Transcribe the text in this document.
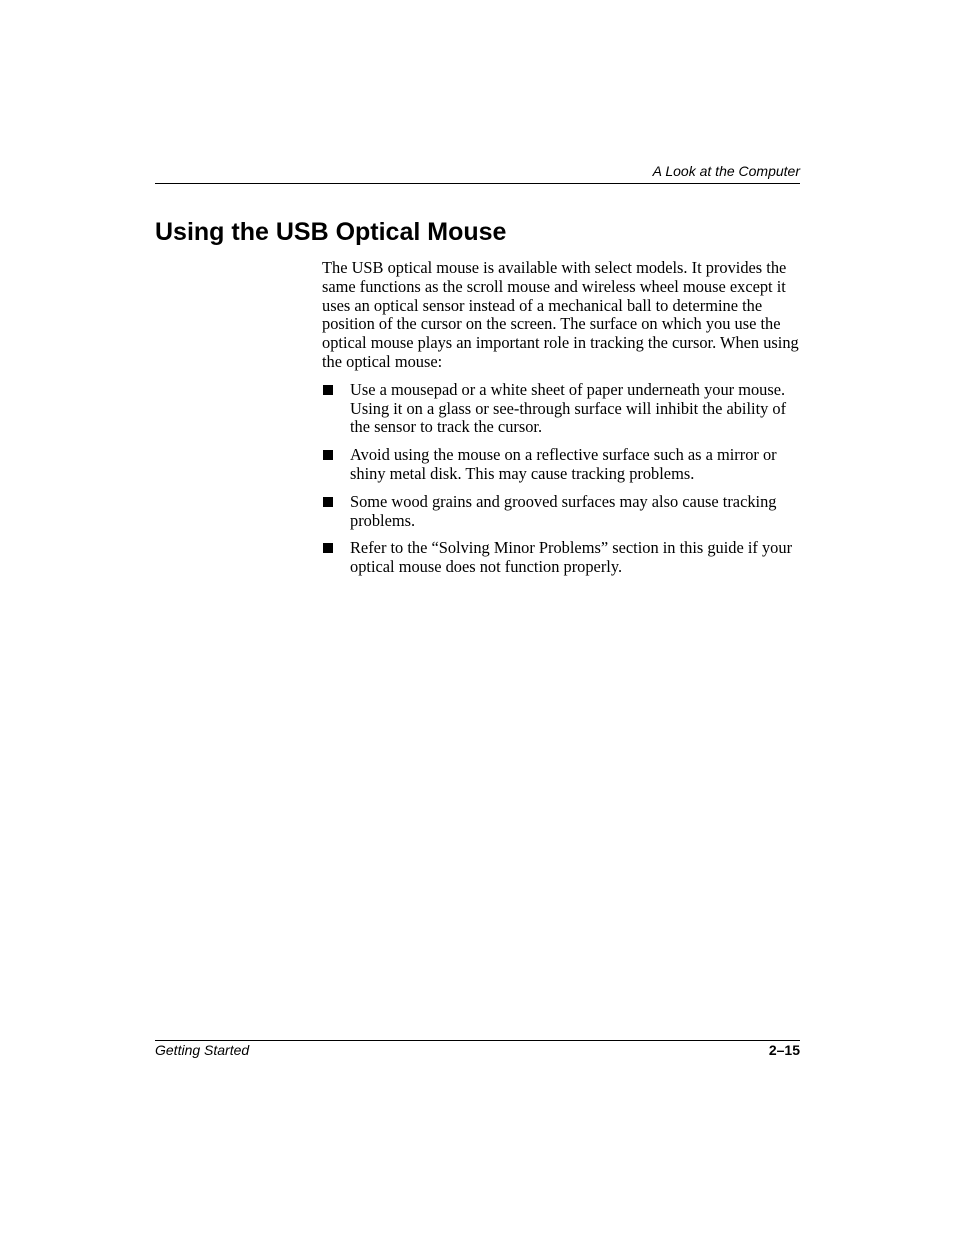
A Look at the Computer
Using the USB Optical Mouse

The USB optical mouse is available with select models. It provides the same functions as the scroll mouse and wireless wheel mouse except it uses an optical sensor instead of a mechanical ball to determine the position of the cursor on the screen. The surface on which you use the optical mouse plays an important role in tracking the cursor. When using the optical mouse:

Use a mousepad or a white sheet of paper underneath your mouse. Using it on a glass or see-through surface will inhibit the ability of the sensor to track the cursor.
Avoid using the mouse on a reflective surface such as a mirror or shiny metal disk. This may cause tracking problems.
Some wood grains and grooved surfaces may also cause tracking problems.
Refer to the “Solving Minor Problems” section in this guide if your optical mouse does not function properly.
Getting Started	2–15
